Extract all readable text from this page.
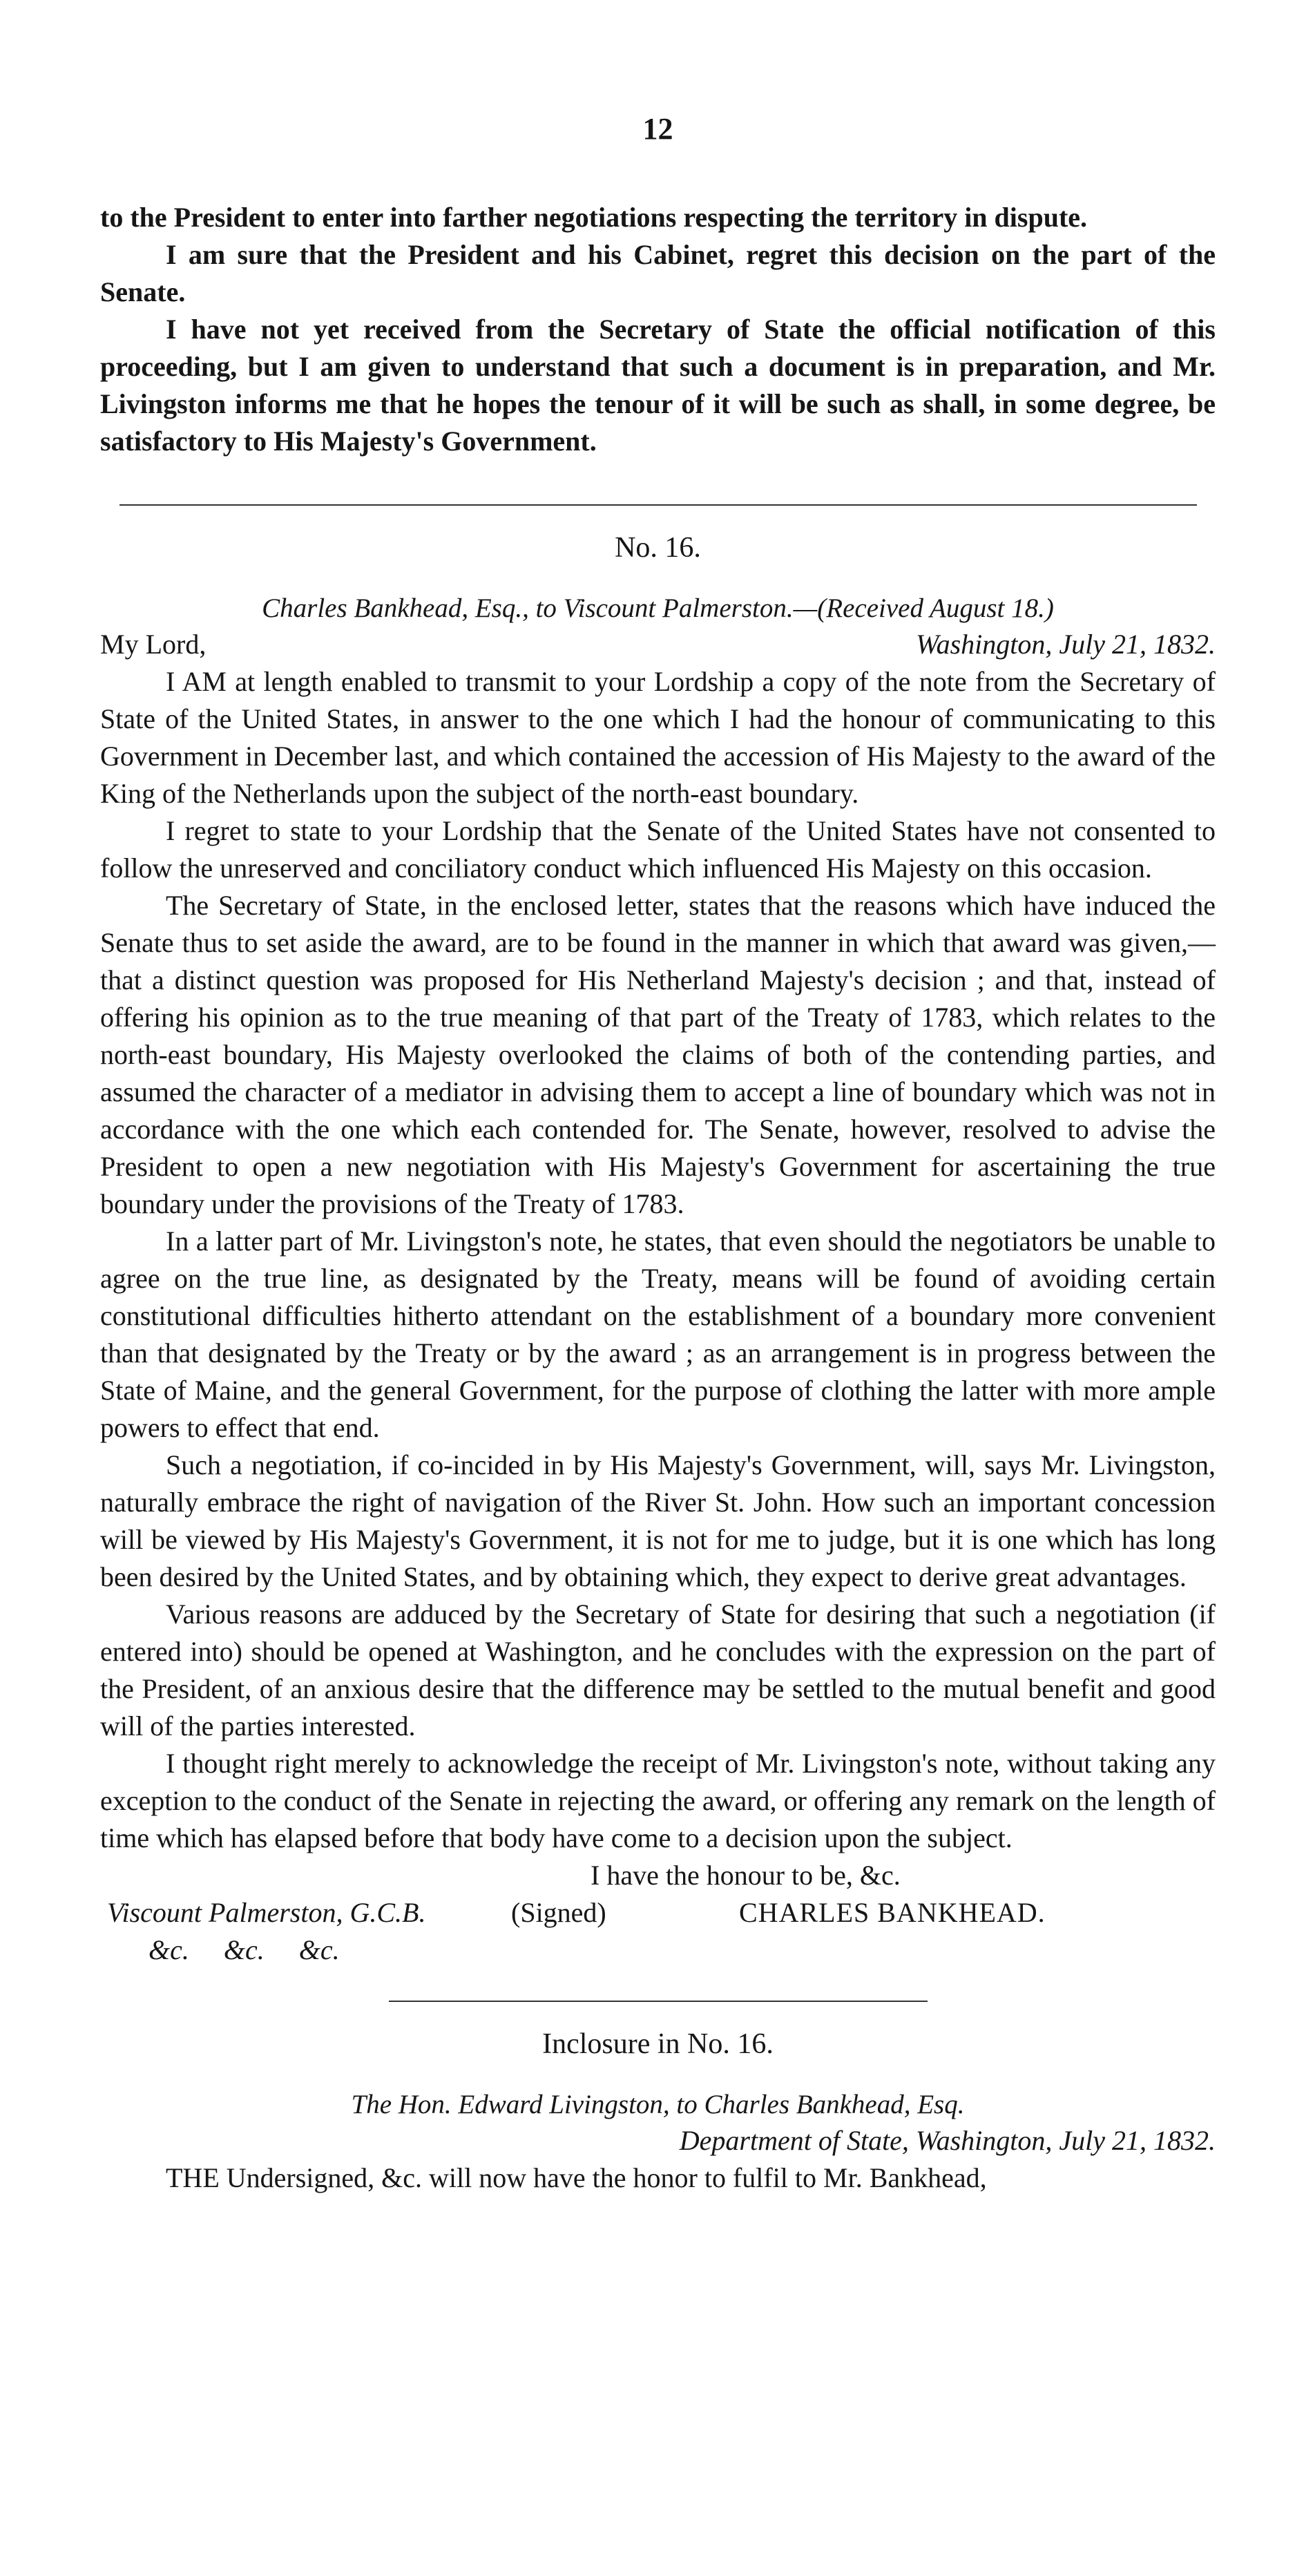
12

to the President to enter into farther negotiations respecting the territory in dispute.

I am sure that the President and his Cabinet, regret this decision on the part of the Senate.

I have not yet received from the Secretary of State the official notification of this proceeding, but I am given to understand that such a document is in preparation, and Mr. Livingston informs me that he hopes the tenour of it will be such as shall, in some degree, be satisfactory to His Majesty's Government.

No. 16.
Charles Bankhead, Esq., to Viscount Palmerston.—(Received August 18.)
My Lord,	Washington, July 21, 1832.

I AM at length enabled to transmit to your Lordship a copy of the note from the Secretary of State of the United States, in answer to the one which I had the honour of communicating to this Government in December last, and which contained the accession of His Majesty to the award of the King of the Netherlands upon the subject of the north-east boundary.

I regret to state to your Lordship that the Senate of the United States have not consented to follow the unreserved and conciliatory conduct which influenced His Majesty on this occasion.

The Secretary of State, in the enclosed letter, states that the reasons which have induced the Senate thus to set aside the award, are to be found in the manner in which that award was given,—that a distinct question was proposed for His Netherland Majesty's decision ; and that, instead of offering his opinion as to the true meaning of that part of the Treaty of 1783, which relates to the north-east boundary, His Majesty overlooked the claims of both of the contending parties, and assumed the character of a mediator in advising them to accept a line of boundary which was not in accordance with the one which each contended for. The Senate, however, resolved to advise the President to open a new negotiation with His Majesty's Government for ascertaining the true boundary under the provisions of the Treaty of 1783.

In a latter part of Mr. Livingston's note, he states, that even should the negotiators be unable to agree on the true line, as designated by the Treaty, means will be found of avoiding certain constitutional difficulties hitherto attendant on the establishment of a boundary more convenient than that designated by the Treaty or by the award ; as an arrangement is in progress between the State of Maine, and the general Government, for the purpose of clothing the latter with more ample powers to effect that end.

Such a negotiation, if co-incided in by His Majesty's Government, will, says Mr. Livingston, naturally embrace the right of navigation of the River St. John. How such an important concession will be viewed by His Majesty's Government, it is not for me to judge, but it is one which has long been desired by the United States, and by obtaining which, they expect to derive great advantages.

Various reasons are adduced by the Secretary of State for desiring that such a negotiation (if entered into) should be opened at Washington, and he concludes with the expression on the part of the President, of an anxious desire that the difference may be settled to the mutual benefit and good will of the parties interested.

I thought right merely to acknowledge the receipt of Mr. Livingston's note, without taking any exception to the conduct of the Senate in rejecting the award, or offering any remark on the length of time which has elapsed before that body have come to a decision upon the subject.

I have the honour to be, &c.
Viscount Palmerston, G.C.B.	(Signed)	CHARLES BANKHEAD.
&c. &c. &c.
Inclosure in No. 16.
The Hon. Edward Livingston, to Charles Bankhead, Esq.
Department of State, Washington, July 21, 1832.

THE Undersigned, &c. will now have the honor to fulfil to Mr. Bankhead,
